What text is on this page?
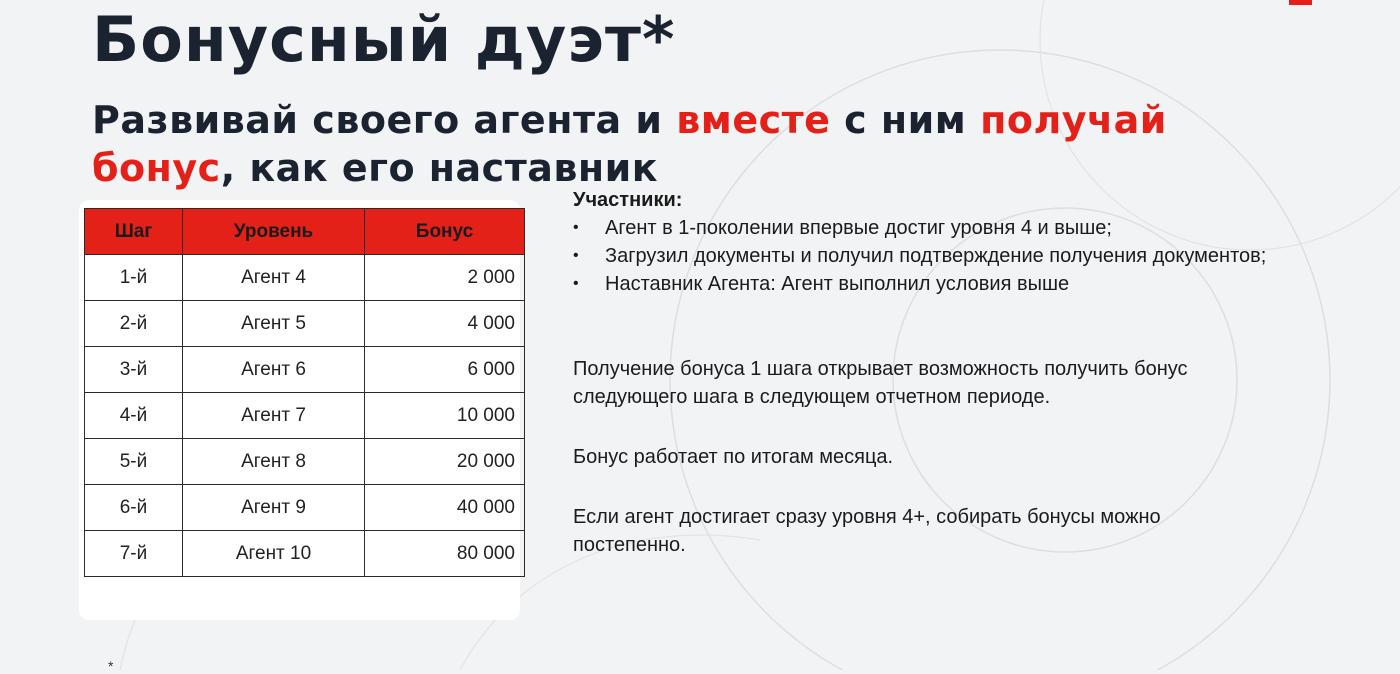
Бонусный дуэт*

Развивай своего агента и вместе с ним получай бонус, как его наставник

Шаг	Уровень	Бонус
1-й	Агент 4	2 000
2-й	Агент 5	4 000
3-й	Агент 6	6 000
4-й	Агент 7	10 000
5-й	Агент 8	20 000
6-й	Агент 9	40 000
7-й	Агент 10	80 000

Участники:

•	Агент в 1-поколении впервые достиг уровня 4 и выше;
•	Загрузил документы и получил подтверждение получения документов;
•	Наставник Агента: Агент выполнил условия выше

Получение бонуса 1 шага открывает возможность получить бонус следующего шага в следующем отчетном периоде.

Бонус работает по итогам месяца.

Если агент достигает сразу уровня 4+, собирать бонусы можно постепенно.

*
